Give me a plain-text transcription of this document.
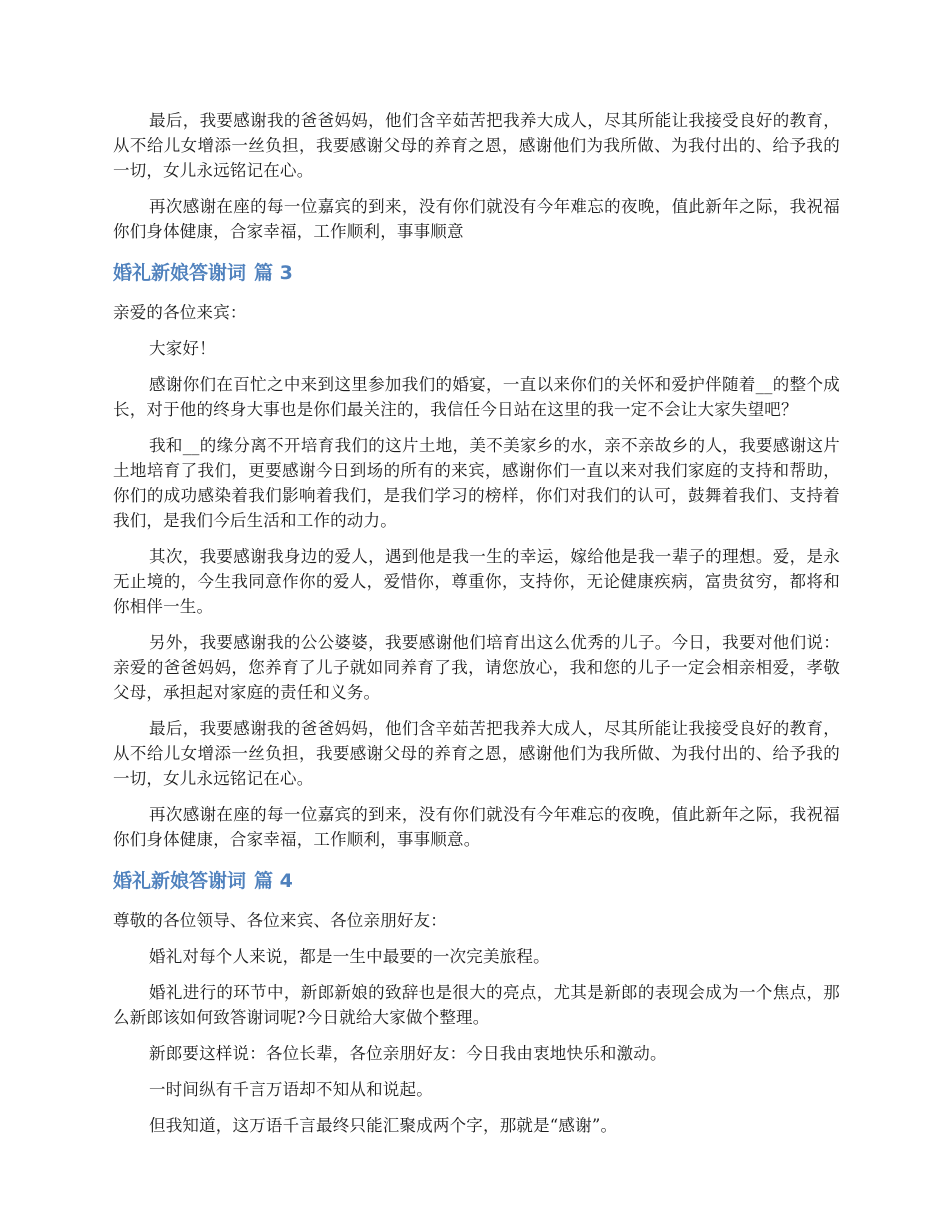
最后，我要感谢我的爸爸妈妈，他们含辛茹苦把我养大成人，尽其所能让我接受良好的教育，从不给儿女增添一丝负担，我要感谢父母的养育之恩，感谢他们为我所做、为我付出的、给予我的一切，女儿永远铭记在心。

再次感谢在座的每一位嘉宾的到来，没有你们就没有今年难忘的夜晚，值此新年之际，我祝福你们身体健康，合家幸福，工作顺利，事事顺意

婚礼新娘答谢词 篇 3

亲爱的各位来宾：

大家好！

感谢你们在百忙之中来到这里参加我们的婚宴，一直以来你们的关怀和爱护伴随着__的整个成长，对于他的终身大事也是你们最关注的，我信任今日站在这里的我一定不会让大家失望吧？

我和__的缘分离不开培育我们的这片土地，美不美家乡的水，亲不亲故乡的人，我要感谢这片土地培育了我们，更要感谢今日到场的所有的来宾，感谢你们一直以来对我们家庭的支持和帮助，你们的成功感染着我们影响着我们，是我们学习的榜样，你们对我们的认可，鼓舞着我们、支持着我们，是我们今后生活和工作的动力。

其次，我要感谢我身边的爱人，遇到他是我一生的幸运，嫁给他是我一辈子的理想。爱，是永无止境的，今生我同意作你的爱人，爱惜你，尊重你，支持你，无论健康疾病，富贵贫穷，都将和你相伴一生。

另外，我要感谢我的公公婆婆，我要感谢他们培育出这么优秀的儿子。今日，我要对他们说：亲爱的爸爸妈妈，您养育了儿子就如同养育了我，请您放心，我和您的儿子一定会相亲相爱，孝敬父母，承担起对家庭的责任和义务。

最后，我要感谢我的爸爸妈妈，他们含辛茹苦把我养大成人，尽其所能让我接受良好的教育，从不给儿女增添一丝负担，我要感谢父母的养育之恩，感谢他们为我所做、为我付出的、给予我的一切，女儿永远铭记在心。

再次感谢在座的每一位嘉宾的到来，没有你们就没有今年难忘的夜晚，值此新年之际，我祝福你们身体健康，合家幸福，工作顺利，事事顺意。

婚礼新娘答谢词 篇 4

尊敬的各位领导、各位来宾、各位亲朋好友：

婚礼对每个人来说，都是一生中最要的一次完美旅程。

婚礼进行的环节中，新郎新娘的致辞也是很大的亮点，尤其是新郎的表现会成为一个焦点，那么新郎该如何致答谢词呢?今日就给大家做个整理。

新郎要这样说：各位长辈，各位亲朋好友：今日我由衷地快乐和激动。

一时间纵有千言万语却不知从和说起。

但我知道，这万语千言最终只能汇聚成两个字，那就是“感谢”。
